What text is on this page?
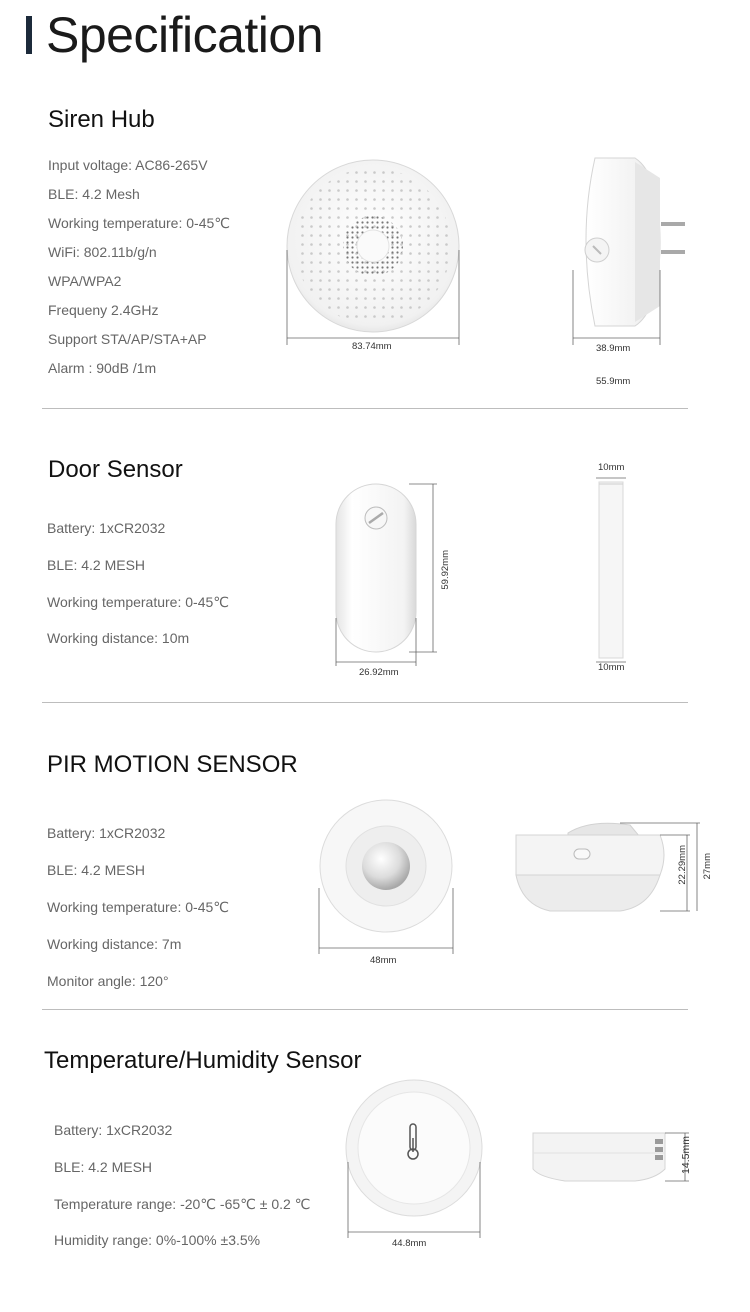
Specification
Siren Hub
Input voltage: AC86-265V
BLE: 4.2 Mesh
Working temperature: 0-45℃
WiFi: 802.11b/g/n
WPA/WPA2
Frequeny 2.4GHz
Support STA/AP/STA+AP
Alarm : 90dB /1m
83.74mm	38.9mm
55.9mm
Door Sensor
Battery: 1xCR2032
BLE: 4.2 MESH
Working temperature: 0-45℃
Working distance: 10m
59.92mm
26.92mm
10mm
10mm
PIR MOTION SENSOR
Battery: 1xCR2032
BLE: 4.2 MESH
Working temperature: 0-45℃
Working distance: 7m
Monitor angle: 120°
48mm
22.29mm 27mm
Temperature/Humidity Sensor
Battery: 1xCR2032
BLE: 4.2 MESH
Temperature range: -20℃ -65℃ ± 0.2 ℃
Humidity range: 0%-100% ±3.5%	44.8mm
14.5mm
